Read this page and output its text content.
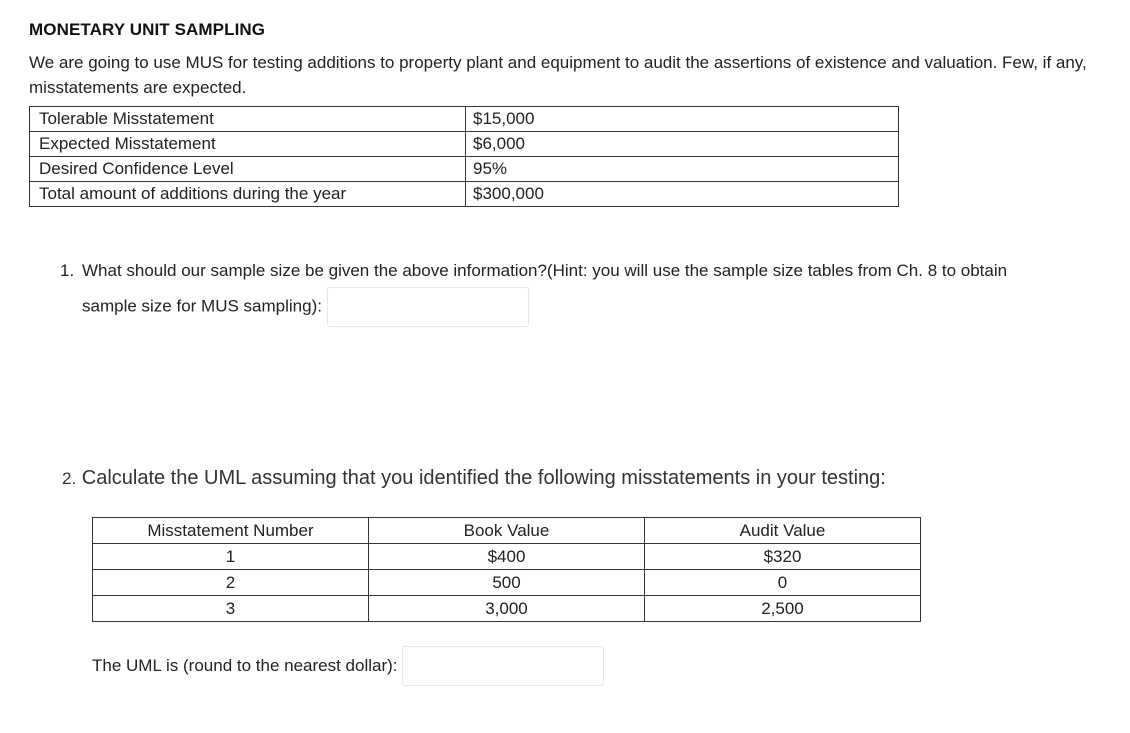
MONETARY UNIT SAMPLING
We are going to use MUS for testing additions to property plant and equipment to audit the assertions of existence and valuation. Few, if any, misstatements are expected.
Tolerable Misstatement	$15,000
Expected Misstatement	$6,000
Desired Confidence Level	95%
Total amount of additions during the year	$300,000
1. What should our sample size be given the above information?(Hint: you will use the sample size tables from Ch. 8 to obtain
sample size for MUS sampling):
2. Calculate the UML assuming that you identified the following misstatements in your testing:
Misstatement Number	Book Value	Audit Value
1	$400	$320
2	500	0
3	3,000	2,500
The UML is (round to the nearest dollar):
